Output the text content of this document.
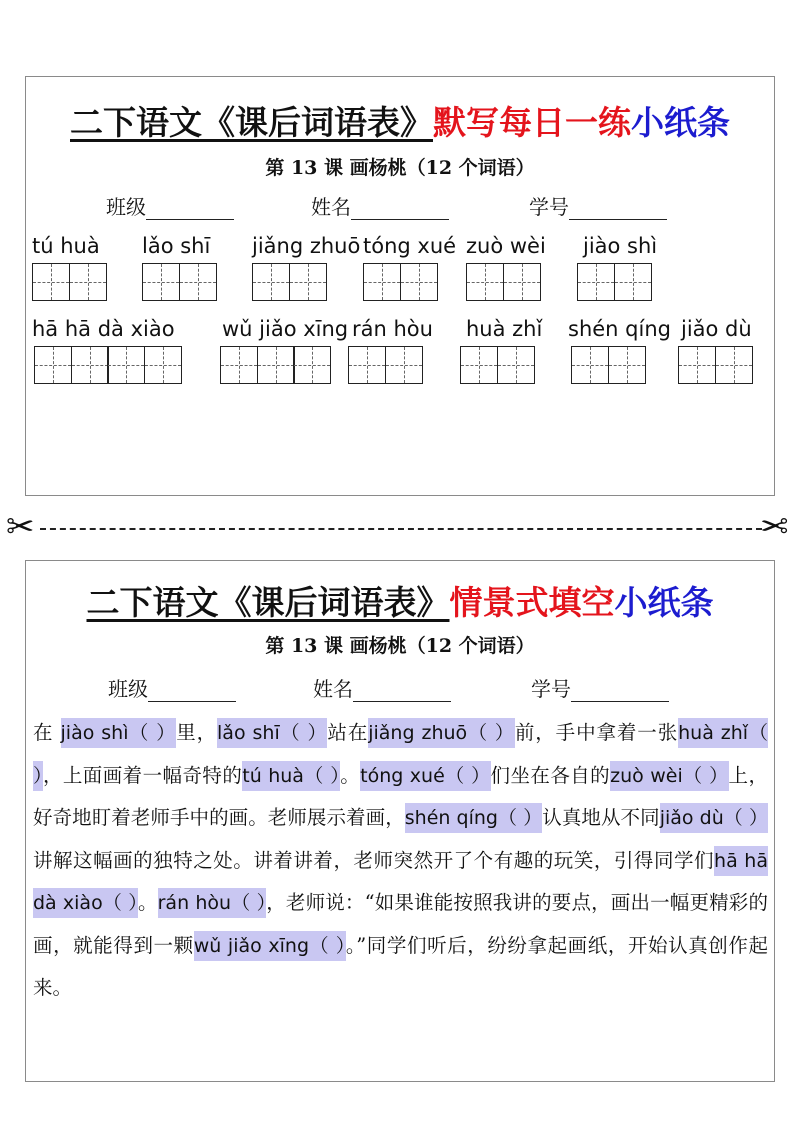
二下语文《课后词语表》默写每日一练小纸条
第 13 课 画杨桃（12 个词语）
班级	姓名	学号
tú huà lǎo shī jiǎng zhuō tóng xué zuò wèi jiào shì
hā hā dà xiào wǔ jiǎo xīng rán hòu huà zhǐ shén qíng jiǎo dù
✂	✂
二下语文《课后词语表》情景式填空小纸条
第 13 课 画杨桃（12 个词语）
班级	姓名	学号
在 jiào shì（ ）里，lǎo shī（ ）站在jiǎng zhuō（ ）前，手中拿着一张huà zhǐ（ ），上面画着一幅奇特的tú huà（ ）。tóng xué（ ）们坐在各自的zuò wèi（ ）上，好奇地盯着老师手中的画。老师展示着画，shén qíng（ ）认真地从不同jiǎo dù（ ）讲解这幅画的独特之处。讲着讲着，老师突然开了个有趣的玩笑，引得同学们hā hā dà xiào（ ）。rán hòu（ ），老师说：“如果谁能按照我讲的要点，画出一幅更精彩的画，就能得到一颗wǔ jiǎo xīng（ ）。”同学们听后，纷纷拿起画纸，开始认真创作起来。
